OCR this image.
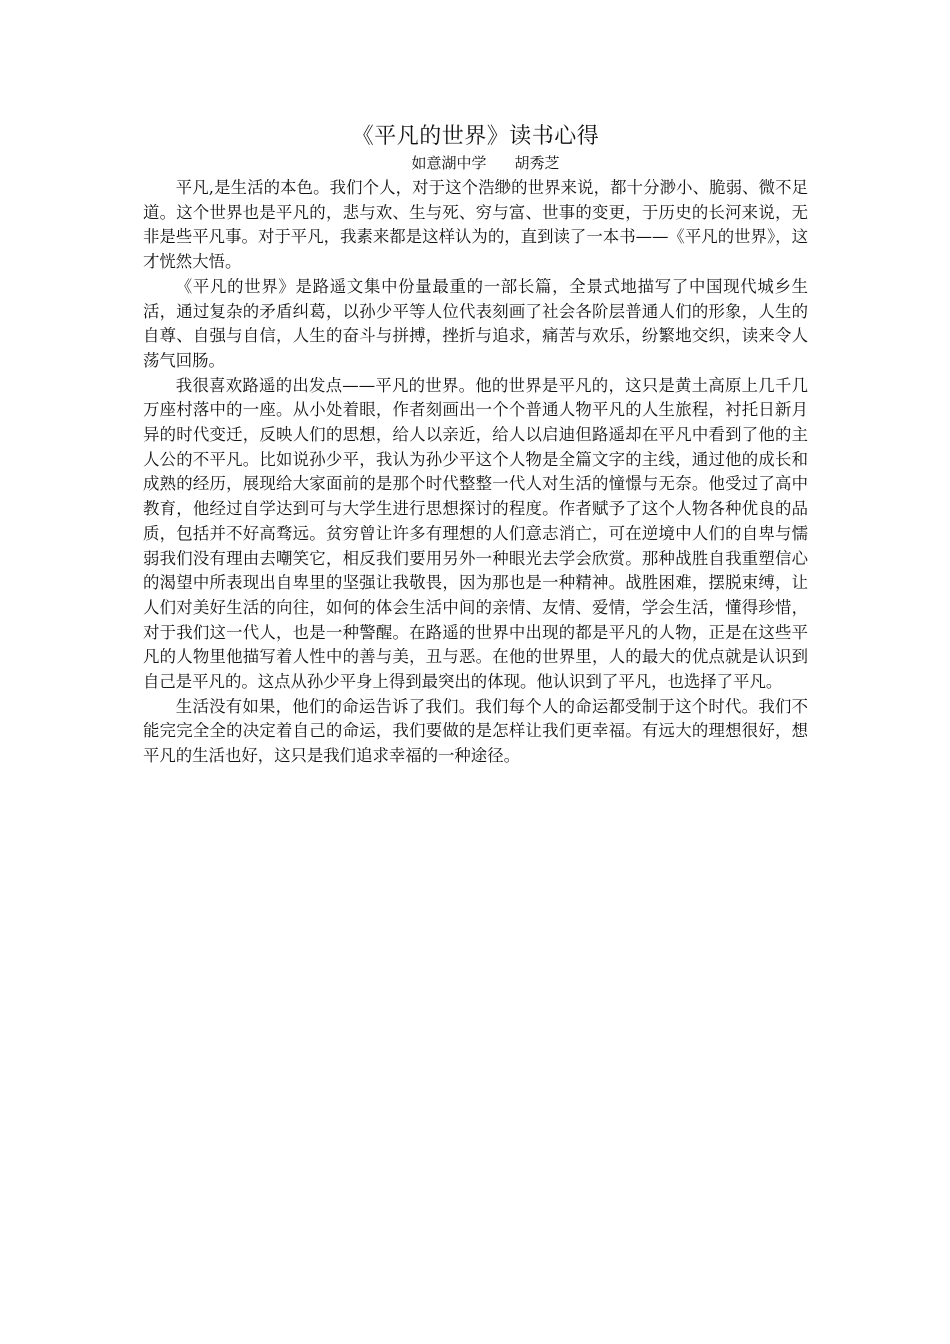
《平凡的世界》读书心得
如意湖中学 胡秀芝

平凡,是生活的本色。我们个人，对于这个浩缈的世界来说，都十分渺小、脆弱、微不足道。这个世界也是平凡的，悲与欢、生与死、穷与富、世事的变更，于历史的长河来说，无非是些平凡事。对于平凡，我素来都是这样认为的，直到读了一本书——《平凡的世界》，这才恍然大悟。

《平凡的世界》是路遥文集中份量最重的一部长篇，全景式地描写了中国现代城乡生活，通过复杂的矛盾纠葛，以孙少平等人位代表刻画了社会各阶层普通人们的形象，人生的自尊、自强与自信，人生的奋斗与拼搏，挫折与追求，痛苦与欢乐，纷繁地交织，读来令人荡气回肠。

我很喜欢路遥的出发点——平凡的世界。他的世界是平凡的，这只是黄土高原上几千几万座村落中的一座。从小处着眼，作者刻画出一个个普通人物平凡的人生旅程，衬托日新月异的时代变迁，反映人们的思想，给人以亲近，给人以启迪但路遥却在平凡中看到了他的主人公的不平凡。比如说孙少平，我认为孙少平这个人物是全篇文字的主线，通过他的成长和成熟的经历，展现给大家面前的是那个时代整整一代人对生活的憧憬与无奈。他受过了高中教育，他经过自学达到可与大学生进行思想探讨的程度。作者赋予了这个人物各种优良的品质，包括并不好高骛远。贫穷曾让许多有理想的人们意志消亡，可在逆境中人们的自卑与懦弱我们没有理由去嘲笑它，相反我们要用另外一种眼光去学会欣赏。那种战胜自我重塑信心的渴望中所表现出自卑里的坚强让我敬畏，因为那也是一种精神。战胜困难，摆脱束缚，让人们对美好生活的向往，如何的体会生活中间的亲情、友情、爱情，学会生活，懂得珍惜，对于我们这一代人，也是一种警醒。在路遥的世界中出现的都是平凡的人物，正是在这些平凡的人物里他描写着人性中的善与美，丑与恶。在他的世界里，人的最大的优点就是认识到自己是平凡的。这点从孙少平身上得到最突出的体现。他认识到了平凡，也选择了平凡。

生活没有如果，他们的命运告诉了我们。我们每个人的命运都受制于这个时代。我们不能完完全全的决定着自己的命运，我们要做的是怎样让我们更幸福。有远大的理想很好，想平凡的生活也好，这只是我们追求幸福的一种途径。
